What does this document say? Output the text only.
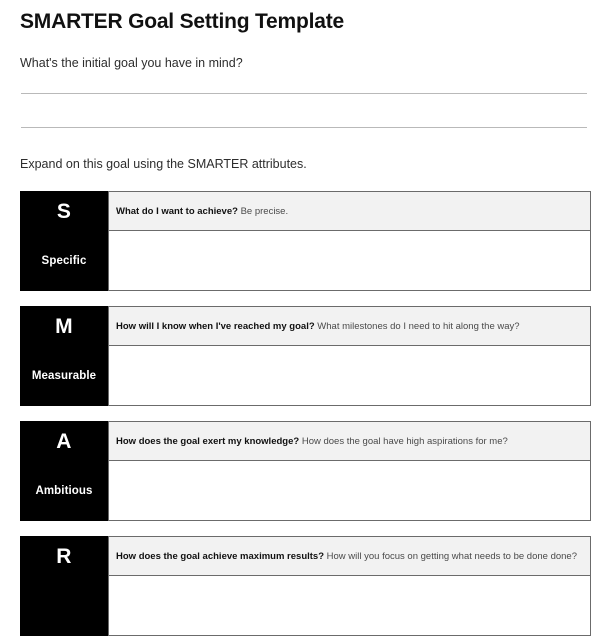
SMARTER Goal Setting Template

What's the initial goal you have in mind?

Expand on this goal using the SMARTER attributes.

S
Specific
What do I want to achieve? Be precise.
M
Measurable
How will I know when I've reached my goal? What milestones do I need to hit along the way?
A
Ambitious
How does the goal exert my knowledge? How does the goal have high aspirations for me?
R	How does the goal achieve maximum results? How will you focus on getting what needs to be done done?
